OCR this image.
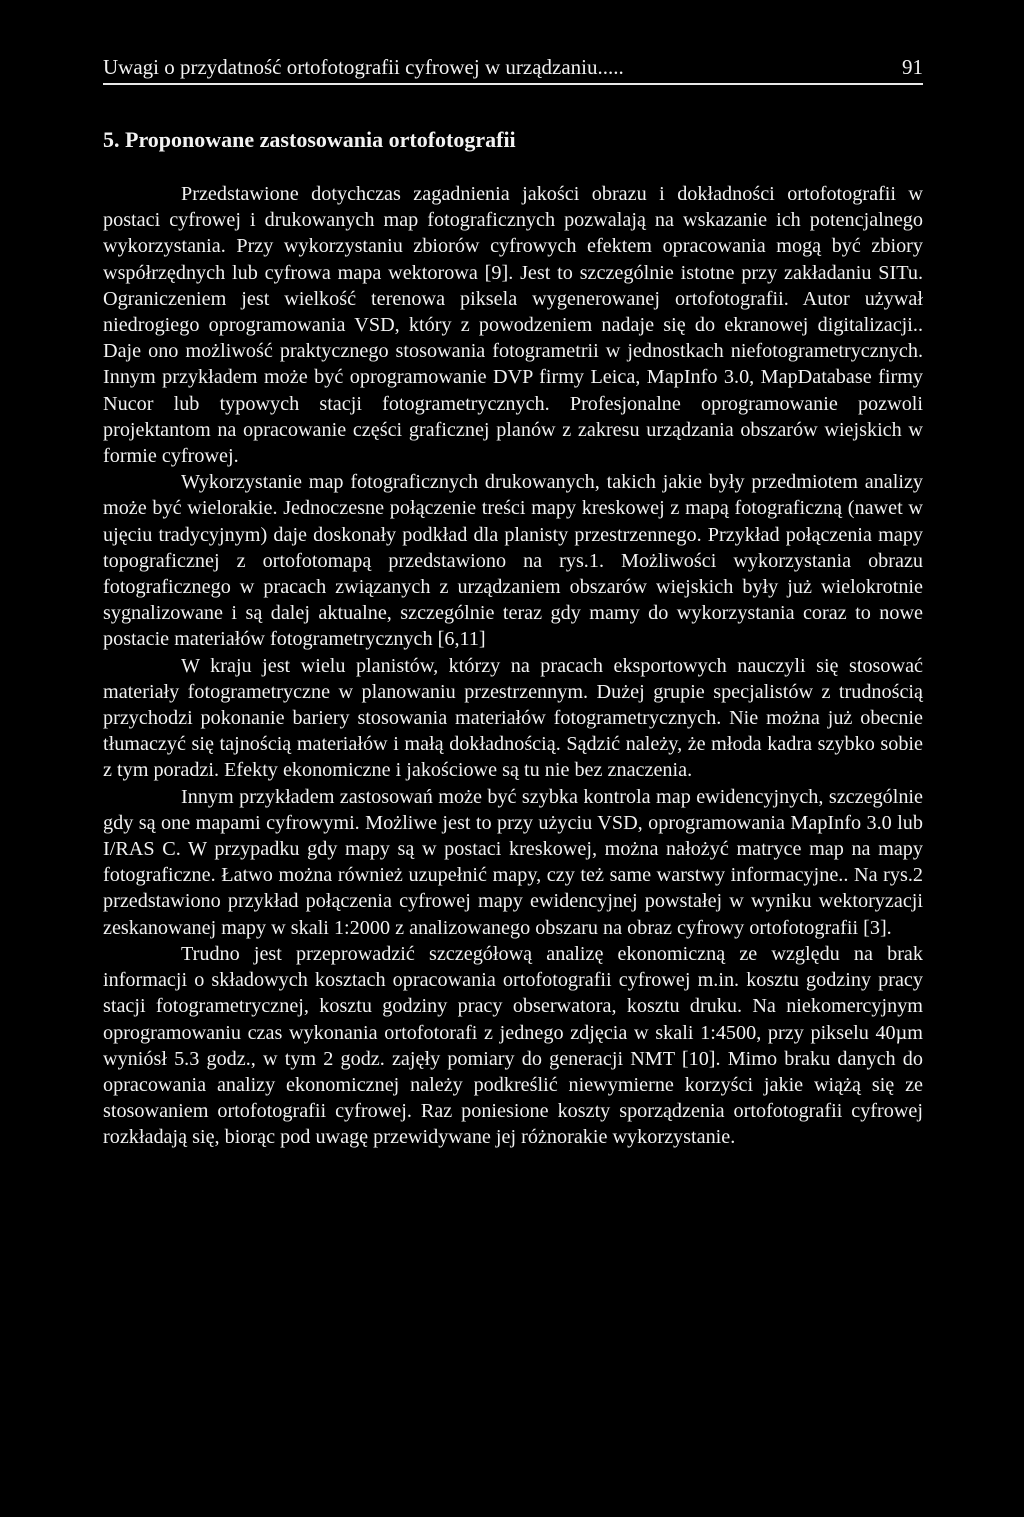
Uwagi o przydatność ortofotografii cyfrowej w urządzaniu.....	91
5. Proponowane zastosowania ortofotografii

Przedstawione dotychczas zagadnienia jakości obrazu i dokładności ortofotografii w postaci cyfrowej i drukowanych map fotograficznych pozwalają na wskazanie ich potencjalnego wykorzystania. Przy wykorzystaniu zbiorów cyfrowych efektem opracowania mogą być zbiory współrzędnych lub cyfrowa mapa wektorowa [9]. Jest to szczególnie istotne przy zakładaniu SITu. Ograniczeniem jest wielkość terenowa piksela wygenerowanej ortofotografii. Autor używał niedrogiego oprogramowania VSD, który z powodzeniem nadaje się do ekranowej digitalizacji.. Daje ono możliwość praktycznego stosowania fotogrametrii w jednostkach niefotogrametrycznych. Innym przykładem może być oprogramowanie DVP firmy Leica, MapInfo 3.0, MapDatabase firmy Nucor lub typowych stacji fotogrametrycznych. Profesjonalne oprogramowanie pozwoli projektantom na opracowanie części graficznej planów z zakresu urządzania obszarów wiejskich w formie cyfrowej.

Wykorzystanie map fotograficznych drukowanych, takich jakie były przedmiotem analizy może być wielorakie. Jednoczesne połączenie treści mapy kreskowej z mapą fotograficzną (nawet w ujęciu tradycyjnym) daje doskonały podkład dla planisty przestrzennego. Przykład połączenia mapy topograficznej z ortofotomapą przedstawiono na rys.1. Możliwości wykorzystania obrazu fotograficznego w pracach związanych z urządzaniem obszarów wiejskich były już wielokrotnie sygnalizowane i są dalej aktualne, szczególnie teraz gdy mamy do wykorzystania coraz to nowe postacie materiałów fotogrametrycznych [6,11]

W kraju jest wielu planistów, którzy na pracach eksportowych nauczyli się stosować materiały fotogrametryczne w planowaniu przestrzennym. Dużej grupie specjalistów z trudnością przychodzi pokonanie bariery stosowania materiałów fotogrametrycznych. Nie można już obecnie tłumaczyć się tajnością materiałów i małą dokładnością. Sądzić należy, że młoda kadra szybko sobie z tym poradzi. Efekty ekonomiczne i jakościowe są tu nie bez znaczenia.

Innym przykładem zastosowań może być szybka kontrola map ewidencyjnych, szczególnie gdy są one mapami cyfrowymi. Możliwe jest to przy użyciu VSD, oprogramowania MapInfo 3.0 lub I/RAS C. W przypadku gdy mapy są w postaci kreskowej, można nałożyć matryce map na mapy fotograficzne. Łatwo można również uzupełnić mapy, czy też same warstwy informacyjne.. Na rys.2 przedstawiono przykład połączenia cyfrowej mapy ewidencyjnej powstałej w wyniku wektoryzacji zeskanowanej mapy w skali 1:2000 z analizowanego obszaru na obraz cyfrowy ortofotografii [3].

Trudno jest przeprowadzić szczegółową analizę ekonomiczną ze względu na brak informacji o składowych kosztach opracowania ortofotografii cyfrowej m.in. kosztu godziny pracy stacji fotogrametrycznej, kosztu godziny pracy obserwatora, kosztu druku. Na niekomercyjnym oprogramowaniu czas wykonania ortofotorafi z jednego zdjęcia w skali 1:4500, przy pikselu 40µm wyniósł 5.3 godz., w tym 2 godz. zajęły pomiary do generacji NMT [10]. Mimo braku danych do opracowania analizy ekonomicznej należy podkreślić niewymierne korzyści jakie wiążą się ze stosowaniem ortofotografii cyfrowej. Raz poniesione koszty sporządzenia ortofotografii cyfrowej rozkładają się, biorąc pod uwagę przewidywane jej różnorakie wykorzystanie.
